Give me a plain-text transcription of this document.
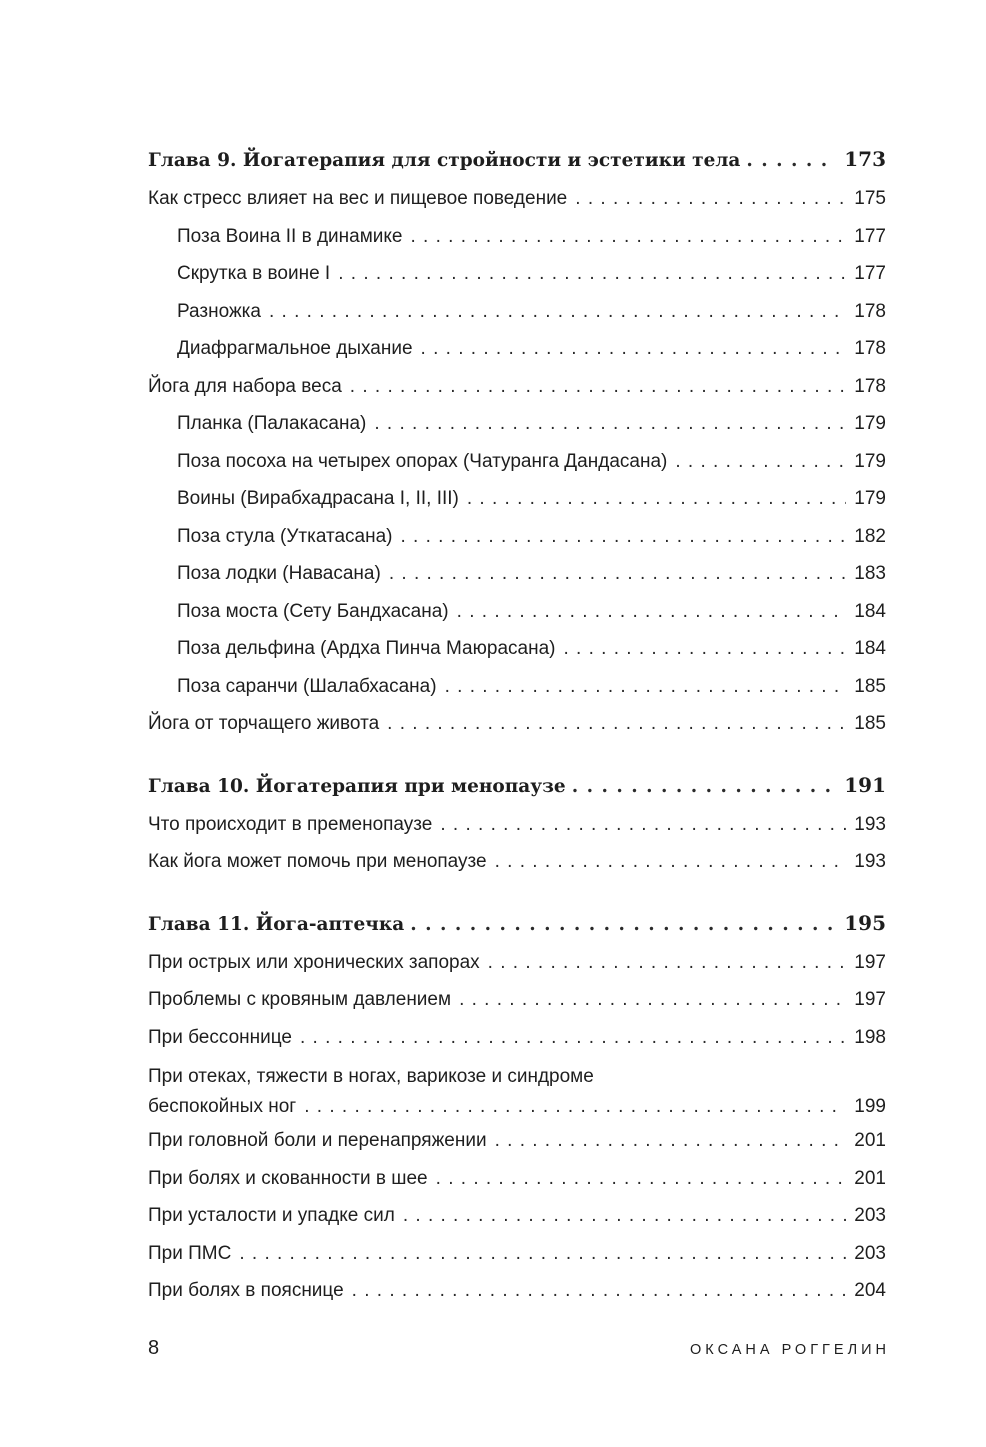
Глава 9. Йогатерапия для стройности и эстетики тела . . .	173
Как стресс влияет на вес и пищевое поведение . . .	175
Поза Воина II в динамике . . .	177
Скрутка в воине I . . .	177
Разножка . . .	178
Диафрагмальное дыхание . . .	178
Йога для набора веса . . .	178
Планка (Палакасана) . . .	179
Поза посоха на четырех опорах (Чатуранга Дандасана) . . .	179
Воины (Вирабхадрасана I, II, III) . . .	179
Поза стула (Уткатасана) . . .	182
Поза лодки (Навасана) . . .	183
Поза моста (Сету Бандхасана) . . .	184
Поза дельфина (Ардха Пинча Маюрасана) . . .	184
Поза саранчи (Шалабхасана) . . .	185
Йога от торчащего живота . . .	185
Глава 10. Йогатерапия при менопаузе . . .	191
Что происходит в пременопаузе . . .	193
Как йога может помочь при менопаузе . . .	193
Глава 11. Йога-аптечка . . .	195
При острых или хронических запорах . . .	197
Проблемы с кровяным давлением . . .	197
При бессоннице . . .	198
При отеках, тяжести в ногах, варикозе и синдроме
беспокойных ног . . .	199
При головной боли и перенапряжении . . .	201
При болях и скованности в шее . . .	201
При усталости и упадке сил . . .	203
При ПМС . . .	203
При болях в пояснице . . .	204
8	ОКСАНА РОГГЕЛИН
